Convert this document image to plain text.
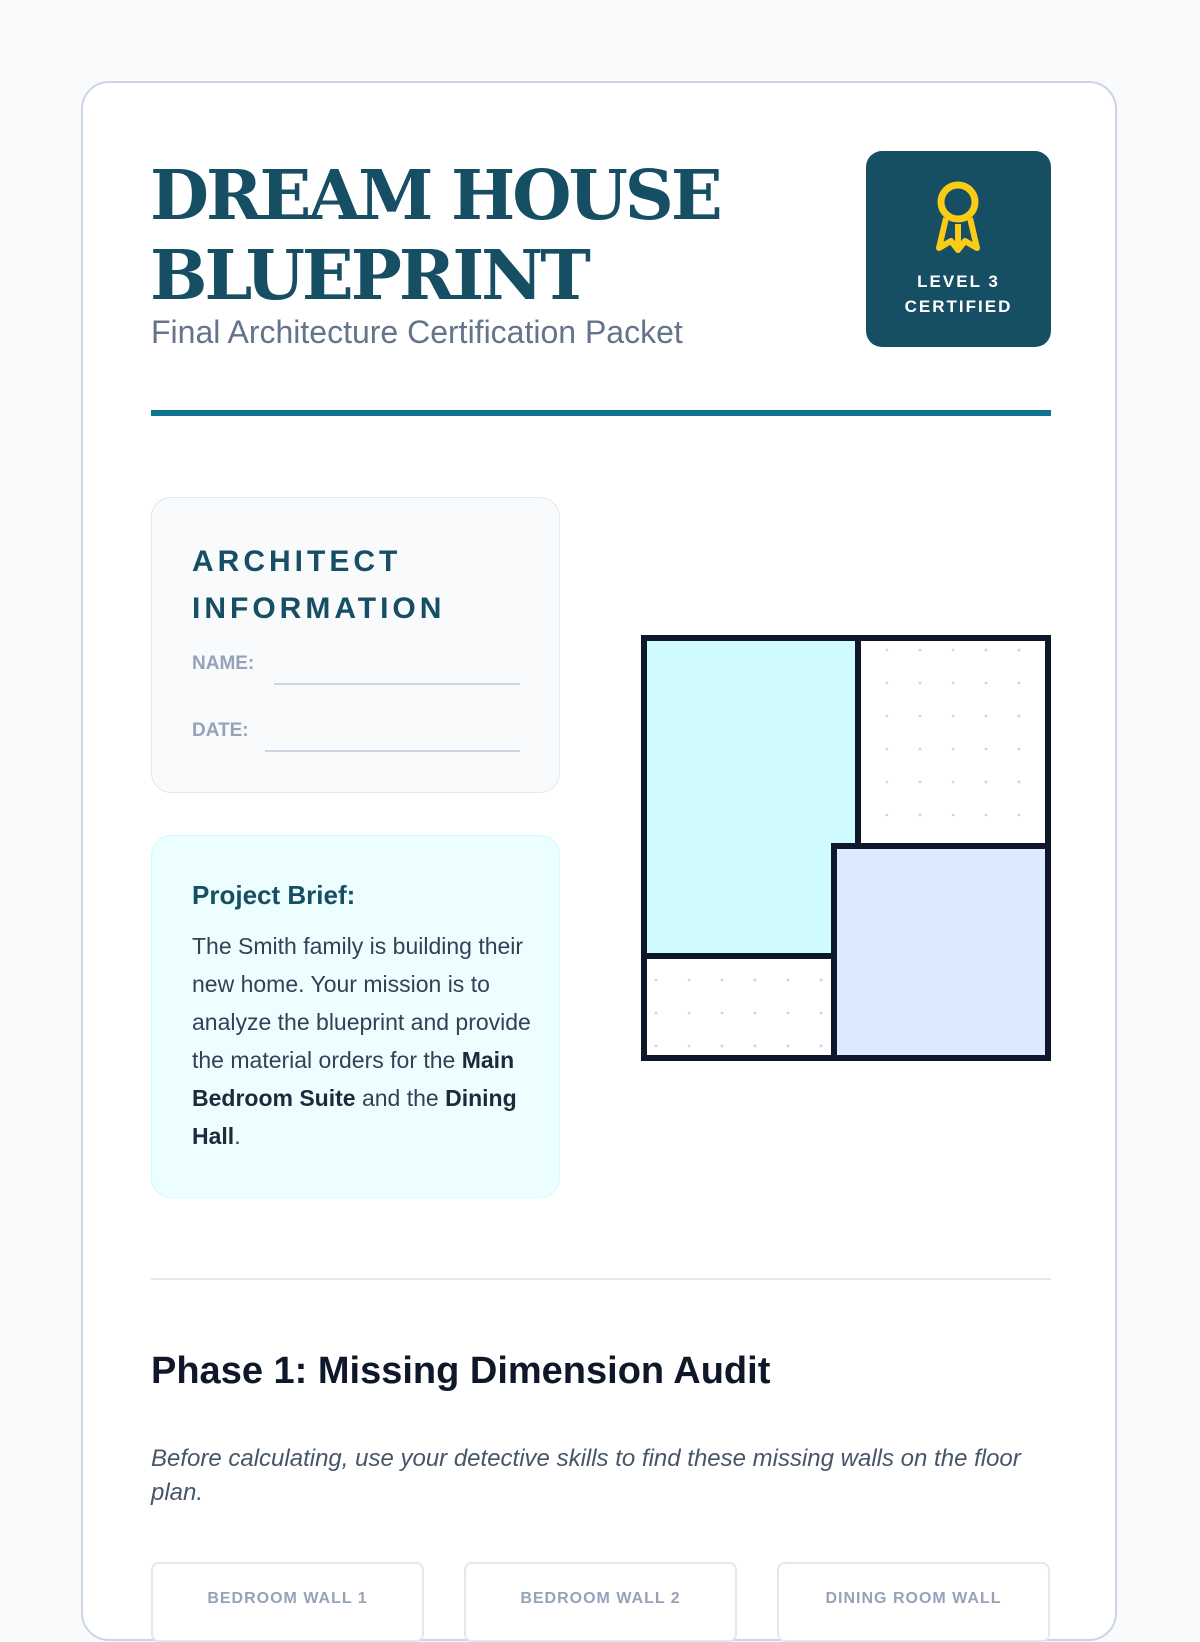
DREAM HOUSE
BLUEPRINT
Final Architecture Certification Packet
LEVEL 3
CERTIFIED
ARCHITECT
INFORMATION
NAME:
DATE:
Project Brief:
The Smith family is building their new home. Your mission is to analyze the blueprint and provide the material orders for the Main Bedroom Suite and the Dining Hall.
Phase 1: Missing Dimension Audit
Before calculating, use your detective skills to find these missing walls on the floor plan.
BEDROOM WALL 1	BEDROOM WALL 2	DINING ROOM WALL
